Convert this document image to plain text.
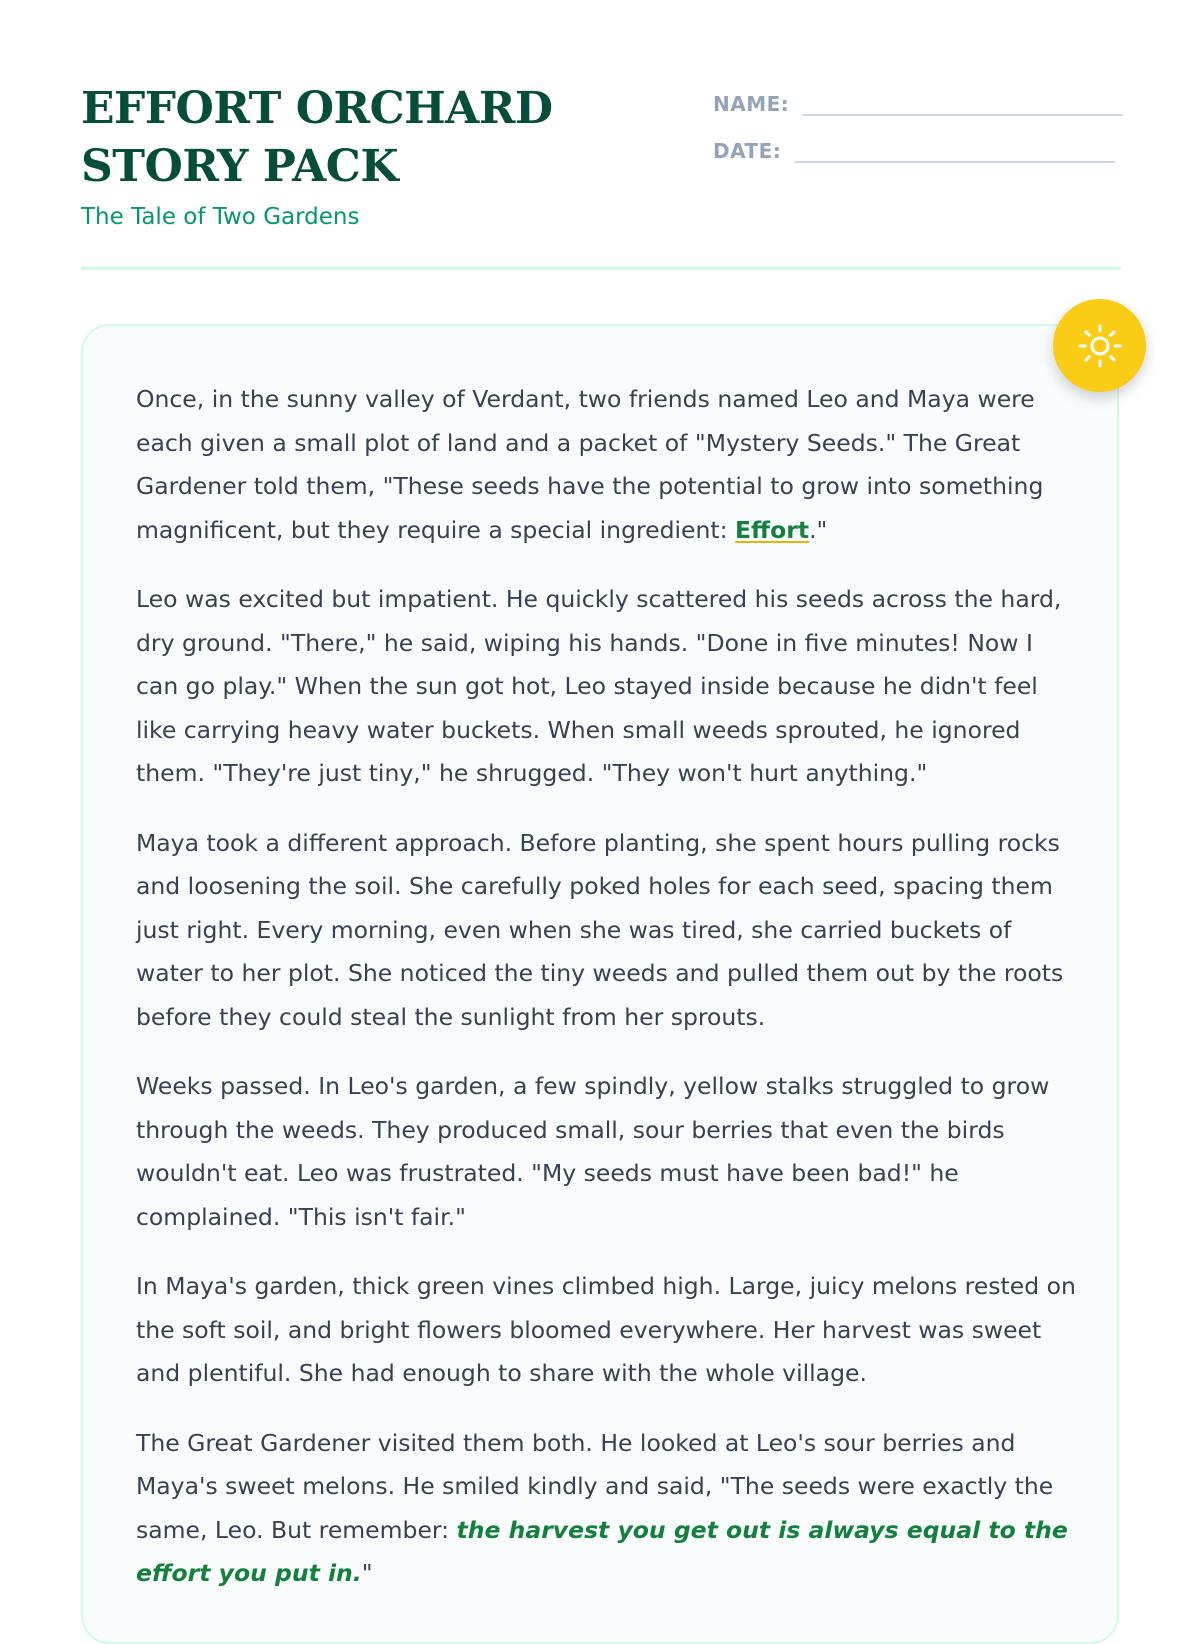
EFFORT ORCHARD STORY PACK
The Tale of Two Gardens
NAME:
DATE:

Once, in the sunny valley of Verdant, two friends named Leo and Maya were each given a small plot of land and a packet of "Mystery Seeds." The Great Gardener told them, "These seeds have the potential to grow into something magnificent, but they require a special ingredient: Effort."

Leo was excited but impatient. He quickly scattered his seeds across the hard, dry ground. "There," he said, wiping his hands. "Done in five minutes! Now I can go play." When the sun got hot, Leo stayed inside because he didn't feel like carrying heavy water buckets. When small weeds sprouted, he ignored them. "They're just tiny," he shrugged. "They won't hurt anything."

Maya took a different approach. Before planting, she spent hours pulling rocks and loosening the soil. She carefully poked holes for each seed, spacing them just right. Every morning, even when she was tired, she carried buckets of water to her plot. She noticed the tiny weeds and pulled them out by the roots before they could steal the sunlight from her sprouts.

Weeks passed. In Leo's garden, a few spindly, yellow stalks struggled to grow through the weeds. They produced small, sour berries that even the birds wouldn't eat. Leo was frustrated. "My seeds must have been bad!" he complained. "This isn't fair."

In Maya's garden, thick green vines climbed high. Large, juicy melons rested on the soft soil, and bright flowers bloomed everywhere. Her harvest was sweet and plentiful. She had enough to share with the whole village.

The Great Gardener visited them both. He looked at Leo's sour berries and Maya's sweet melons. He smiled kindly and said, "The seeds were exactly the same, Leo. But remember: the harvest you get out is always equal to the effort you put in."
